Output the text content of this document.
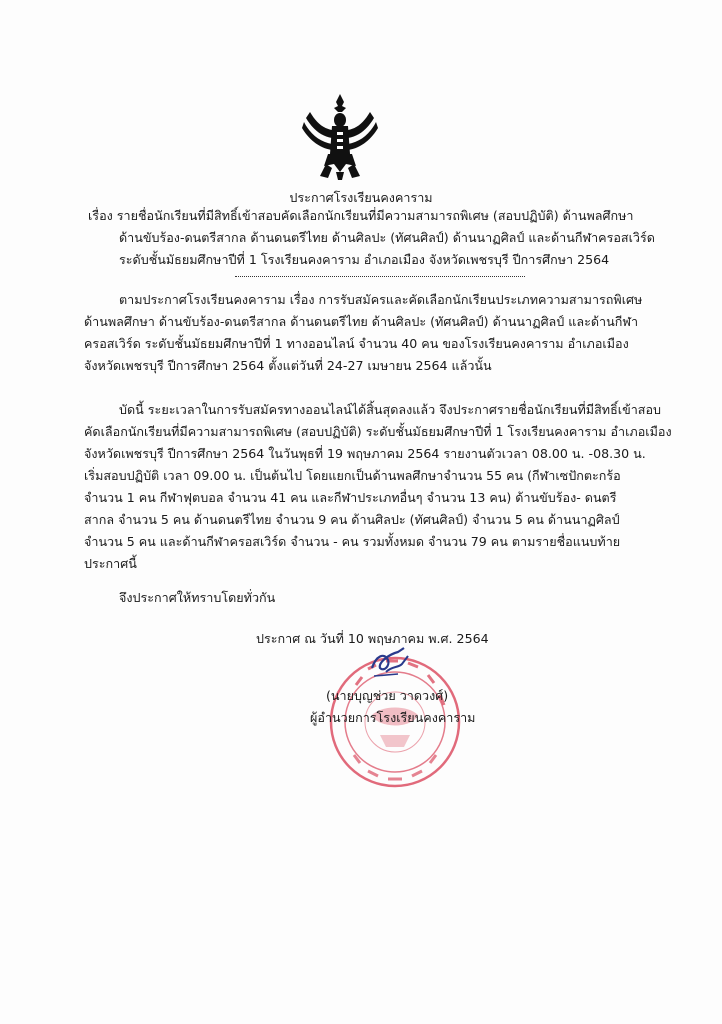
ประกาศโรงเรียนคงคาราม
เรื่อง รายชื่อนักเรียนที่มีสิทธิ์เข้าสอบคัดเลือกนักเรียนที่มีความสามารถพิเศษ (สอบปฏิบัติ) ด้านพลศึกษา
ด้านขับร้อง-ดนตรีสากล ด้านดนตรีไทย ด้านศิลปะ (ทัศนศิลป์) ด้านนาฏศิลป์ และด้านกีฬาครอสเวิร์ด
ระดับชั้นมัธยมศึกษาปีที่ 1 โรงเรียนคงคาราม อำเภอเมือง จังหวัดเพชรบุรี ปีการศึกษา 2564
ตามประกาศโรงเรียนคงคาราม เรื่อง การรับสมัครและคัดเลือกนักเรียนประเภทความสามารถพิเศษ
ด้านพลศึกษา ด้านขับร้อง-ดนตรีสากล ด้านดนตรีไทย ด้านศิลปะ (ทัศนศิลป์) ด้านนาฏศิลป์ และด้านกีฬา
ครอสเวิร์ด ระดับชั้นมัธยมศึกษาปีที่ 1 ทางออนไลน์ จำนวน 40 คน ของโรงเรียนคงคาราม อำเภอเมือง
จังหวัดเพชรบุรี ปีการศึกษา 2564 ตั้งแต่วันที่ 24-27 เมษายน 2564 แล้วนั้น
บัดนี้ ระยะเวลาในการรับสมัครทางออนไลน์ได้สิ้นสุดลงแล้ว จึงประกาศรายชื่อนักเรียนที่มีสิทธิ์เข้าสอบ
คัดเลือกนักเรียนที่มีความสามารถพิเศษ (สอบปฏิบัติ) ระดับชั้นมัธยมศึกษาปีที่ 1 โรงเรียนคงคาราม อำเภอเมือง
จังหวัดเพชรบุรี ปีการศึกษา 2564 ในวันพุธที่ 19 พฤษภาคม 2564 รายงานตัวเวลา 08.00 น. -08.30 น.
เริ่มสอบปฏิบัติ เวลา 09.00 น. เป็นต้นไป โดยแยกเป็นด้านพลศึกษาจำนวน 55 คน (กีฬาเซปักตะกร้อ
จำนวน 1 คน กีฬาฟุตบอล จำนวน 41 คน และกีฬาประเภทอื่นๆ จำนวน 13 คน) ด้านขับร้อง- ดนตรี
สากล จำนวน 5 คน ด้านดนตรีไทย จำนวน 9 คน ด้านศิลปะ (ทัศนศิลป์) จำนวน 5 คน ด้านนาฏศิลป์
จำนวน 5 คน และด้านกีฬาครอสเวิร์ด จำนวน - คน รวมทั้งหมด จำนวน 79 คน ตามรายชื่อแนบท้าย
ประกาศนี้
จึงประกาศให้ทราบโดยทั่วกัน
ประกาศ ณ วันที่ 10 พฤษภาคม พ.ศ. 2564
(นายบุญช่วย วาดวงศ์)
ผู้อำนวยการโรงเรียนคงคาราม
